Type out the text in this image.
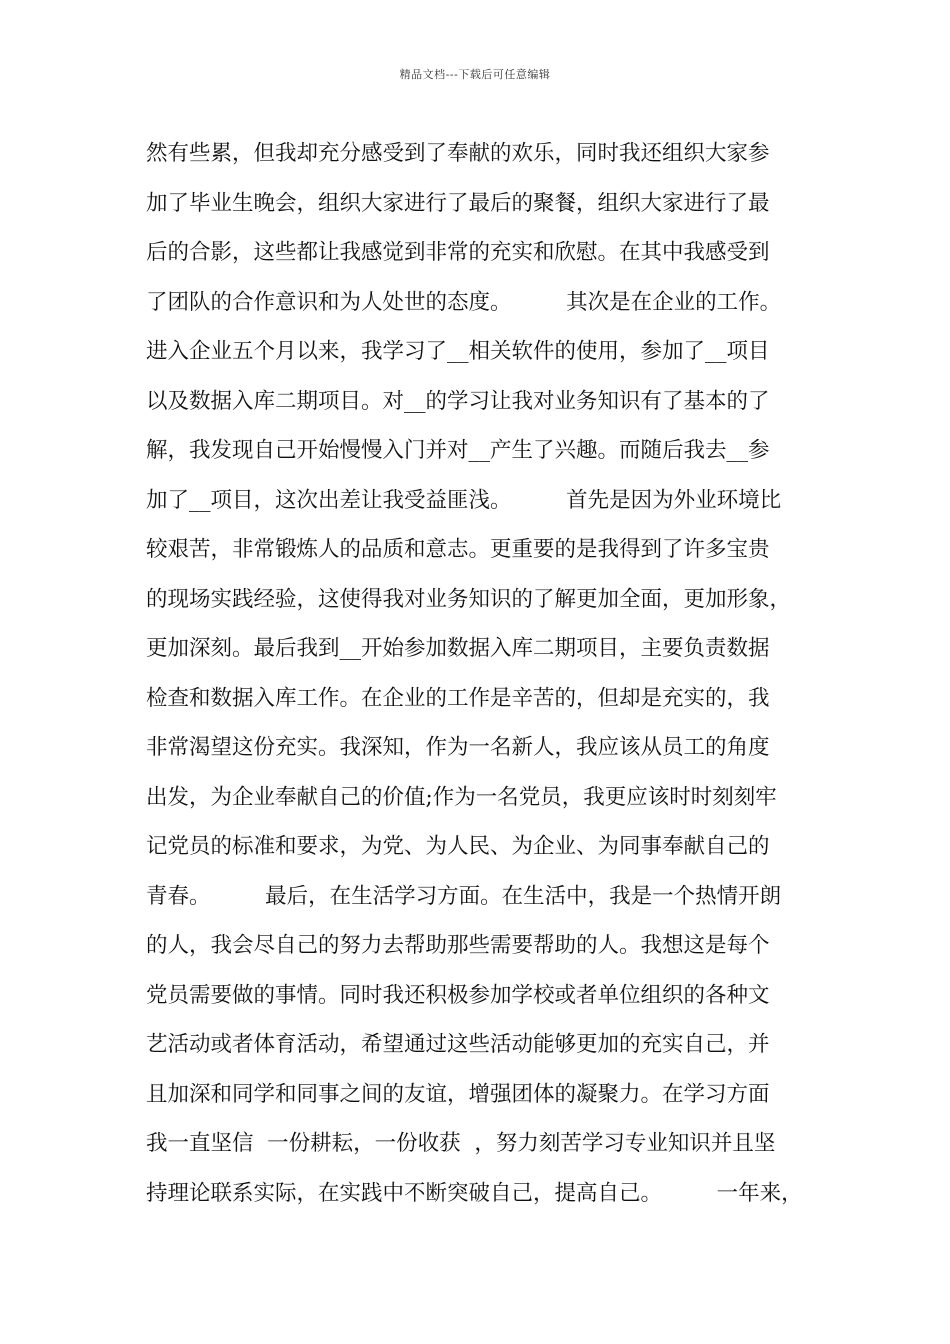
精品文档---下载后可任意编辑
然有些累，但我却充分感受到了奉献的欢乐，同时我还组织大家参
加了毕业生晚会，组织大家进行了最后的聚餐，组织大家进行了最
后的合影，这些都让我感觉到非常的充实和欣慰。在其中我感受到
了团队的合作意识和为人处世的态度。        其次是在企业的工作。
进入企业五个月以来，我学习了__相关软件的使用，参加了__项目
以及数据入库二期项目。对__的学习让我对业务知识有了基本的了
解，我发现自己开始慢慢入门并对__产生了兴趣。而随后我去__参
加了__项目，这次出差让我受益匪浅。        首先是因为外业环境比
较艰苦，非常锻炼人的品质和意志。更重要的是我得到了许多宝贵
的现场实践经验，这使得我对业务知识的了解更加全面，更加形象，
更加深刻。最后我到__开始参加数据入库二期项目，主要负责数据
检查和数据入库工作。在企业的工作是辛苦的，但却是充实的，我
非常渴望这份充实。我深知，作为一名新人，我应该从员工的角度
出发，为企业奉献自己的价值;作为一名党员，我更应该时时刻刻牢
记党员的标准和要求，为党、为人民、为企业、为同事奉献自己的
青春。        最后，在生活学习方面。在生活中，我是一个热情开朗
的人，我会尽自己的努力去帮助那些需要帮助的人。我想这是每个
党员需要做的事情。同时我还积极参加学校或者单位组织的各种文
艺活动或者体育活动，希望通过这些活动能够更加的充实自己，并
且加深和同学和同事之间的友谊，增强团体的凝聚力。在学习方面
我一直坚信  一份耕耘，一份收获  ，努力刻苦学习专业知识并且坚
持理论联系实际，在实践中不断突破自己，提高自己。        一年来，
